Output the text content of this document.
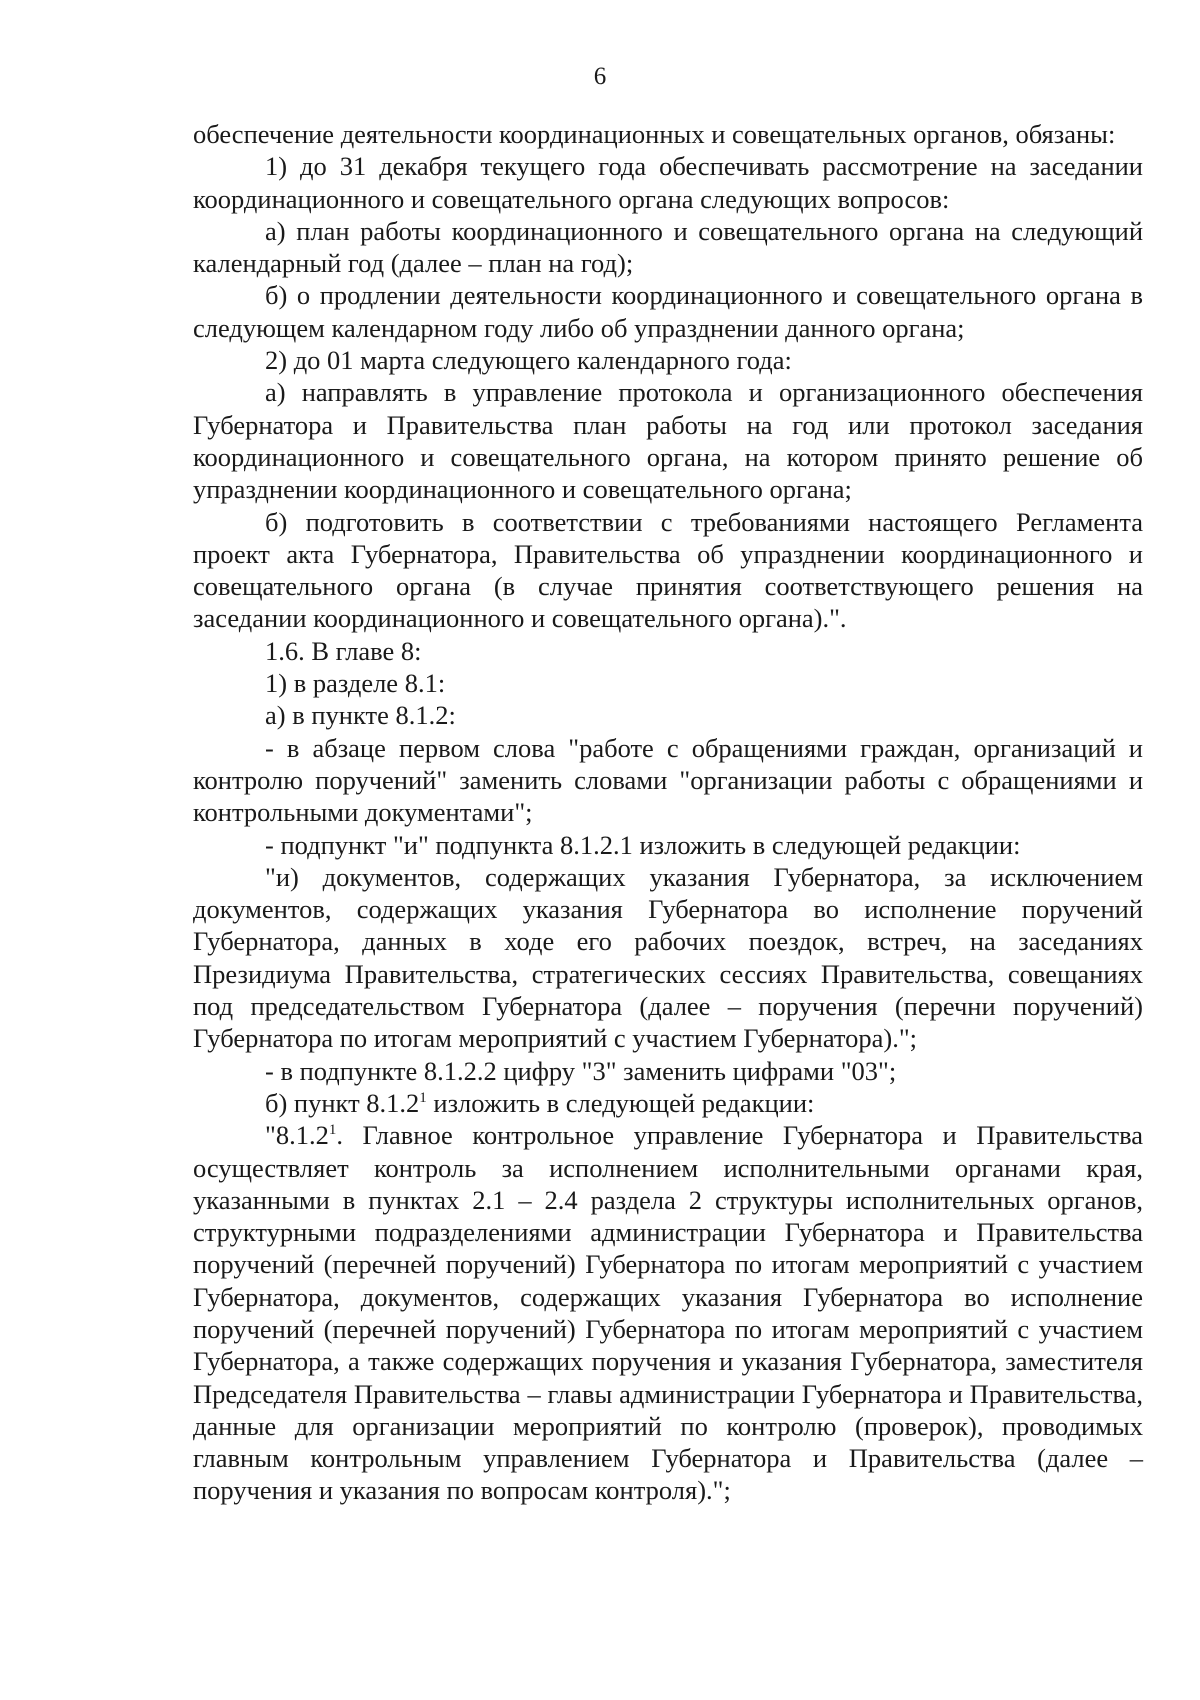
6

обеспечение деятельности координационных и совещательных органов, обязаны:

1) до 31 декабря текущего года обеспечивать рассмотрение на заседании координационного и совещательного органа следующих вопросов:

а) план работы координационного и совещательного органа на следующий календарный год (далее – план на год);

б) о продлении деятельности координационного и совещательного органа в следующем календарном году либо об упразднении данного органа;

2) до 01 марта следующего календарного года:

а) направлять в управление протокола и организационного обеспечения Губернатора и Правительства план работы на год или протокол заседания координационного и совещательного органа, на котором принято решение об упразднении координационного и совещательного органа;

б) подготовить в соответствии с требованиями настоящего Регламента проект акта Губернатора, Правительства об упразднении координационного и совещательного органа (в случае принятия соответствующего решения на заседании координационного и совещательного органа).".

1.6. В главе 8:

1) в разделе 8.1:

а) в пункте 8.1.2:

- в абзаце первом слова "работе с обращениями граждан, организаций и контролю поручений" заменить словами "организации работы с обращениями и контрольными документами";

- подпункт "и" подпункта 8.1.2.1 изложить в следующей редакции:

"и) документов, содержащих указания Губернатора, за исключением документов, содержащих указания Губернатора во исполнение поручений Губернатора, данных в ходе его рабочих поездок, встреч, на заседаниях Президиума Правительства, стратегических сессиях Правительства, совещаниях под председательством Губернатора (далее – поручения (перечни поручений) Губернатора по итогам мероприятий с участием Губернатора).";

- в подпункте 8.1.2.2 цифру "3" заменить цифрами "03";

б) пункт 8.1.2$^1$ изложить в следующей редакции:

"8.1.2$^1$. Главное контрольное управление Губернатора и Правительства осуществляет контроль за исполнением исполнительными органами края, указанными в пунктах 2.1 – 2.4 раздела 2 структуры исполнительных органов, структурными подразделениями администрации Губернатора и Правительства поручений (перечней поручений) Губернатора по итогам мероприятий с участием Губернатора, документов, содержащих указания Губернатора во исполнение поручений (перечней поручений) Губернатора по итогам мероприятий с участием Губернатора, а также содержащих поручения и указания Губернатора, заместителя Председателя Правительства – главы администрации Губернатора и Правительства, данные для организации мероприятий по контролю (проверок), проводимых главным контрольным управлением Губернатора и Правительства (далее – поручения и указания по вопросам контроля).";
